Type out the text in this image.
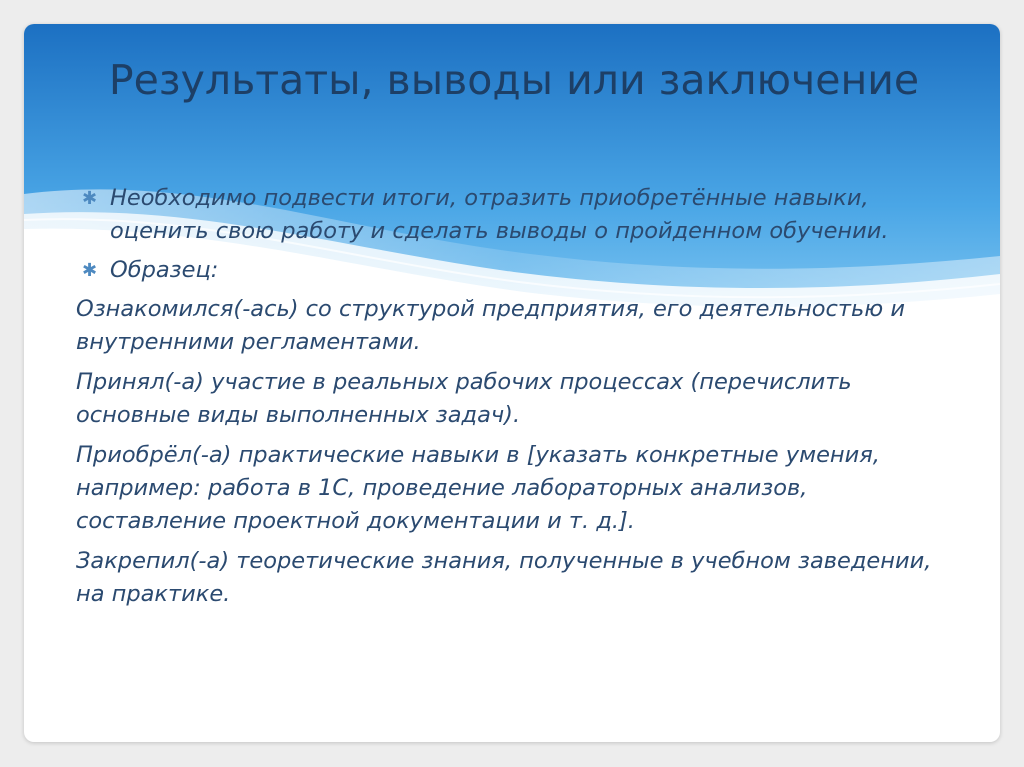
Результаты, выводы или заключение

✱ Необходимо подвести итоги, отразить приобретённые навыки, оценить свою работу и сделать выводы о пройденном обучении.

✱ Образец:

Ознакомился(-ась) со структурой предприятия, его деятельностью и внутренними регламентами.

Принял(-а) участие в реальных рабочих процессах (перечислить основные виды выполненных задач).

Приобрёл(-а) практические навыки в [указать конкретные умения, например: работа в 1С, проведение лабораторных анализов, составление проектной документации и т. д.].

Закрепил(-а) теоретические знания, полученные в учебном заведении, на практике.
